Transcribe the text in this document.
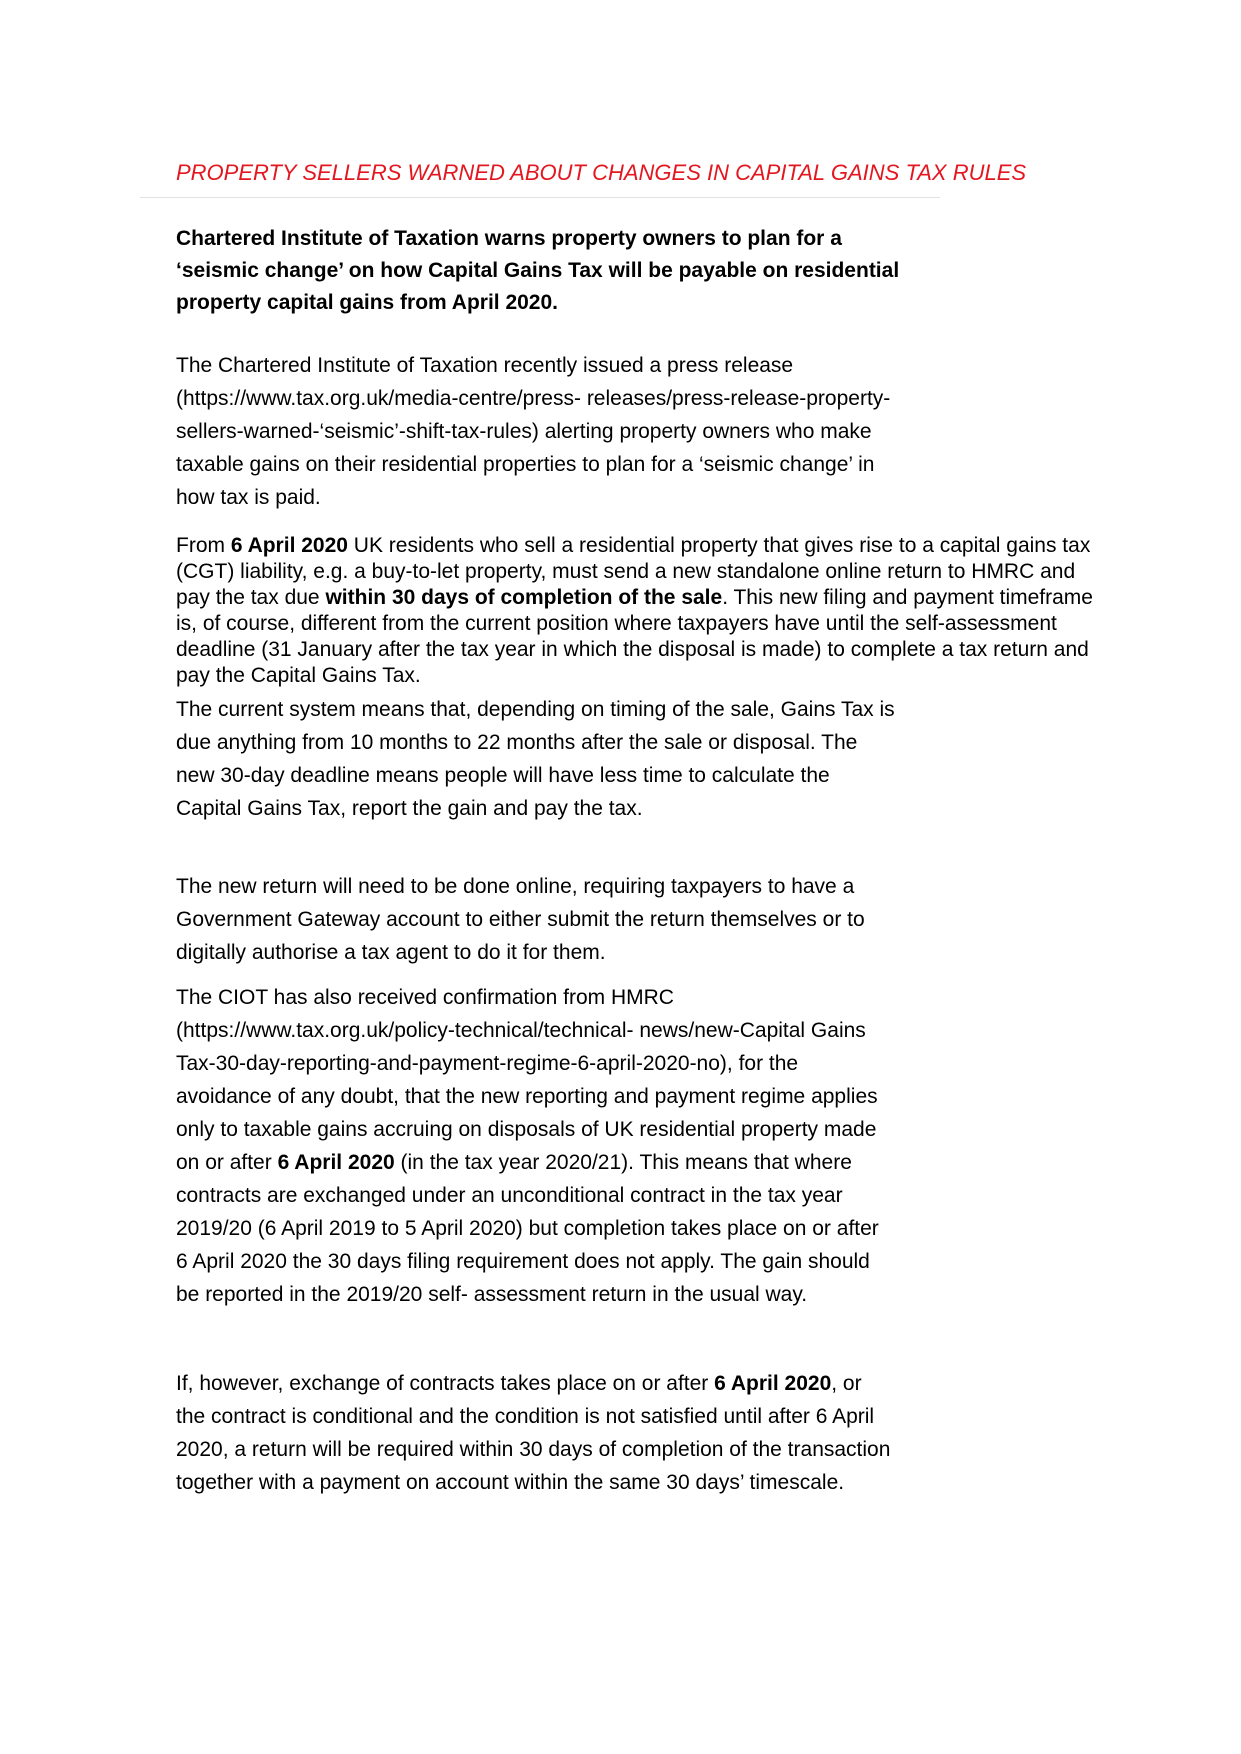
PROPERTY SELLERS WARNED ABOUT CHANGES IN CAPITAL GAINS TAX RULES

Chartered Institute of Taxation warns property owners to plan for a ‘seismic change’ on how Capital Gains Tax will be payable on residential property capital gains from April 2020.

The Chartered Institute of Taxation recently issued a press release (https://www.tax.org.uk/media-centre/press- releases/press-release-property-sellers-warned-‘seismic’-shift-tax-rules) alerting property owners who make taxable gains on their residential properties to plan for a ‘seismic change’ in how tax is paid.

From 6 April 2020 UK residents who sell a residential property that gives rise to a capital gains tax (CGT) liability, e.g. a buy-to-let property, must send a new standalone online return to HMRC and pay the tax due within 30 days of completion of the sale. This new filing and payment timeframe is, of course, different from the current position where taxpayers have until the self-assessment deadline (31 January after the tax year in which the disposal is made) to complete a tax return and pay the Capital Gains Tax.

The current system means that, depending on timing of the sale, Gains Tax is due anything from 10 months to 22 months after the sale or disposal. The new 30-day deadline means people will have less time to calculate the Capital Gains Tax, report the gain and pay the tax.

The new return will need to be done online, requiring taxpayers to have a Government Gateway account to either submit the return themselves or to digitally authorise a tax agent to do it for them.

The CIOT has also received confirmation from HMRC (https://www.tax.org.uk/policy-technical/technical- news/new-Capital Gains Tax-30-day-reporting-and-payment-regime-6-april-2020-no), for the avoidance of any doubt, that the new reporting and payment regime applies only to taxable gains accruing on disposals of UK residential property made on or after 6 April 2020 (in the tax year 2020/21). This means that where contracts are exchanged under an unconditional contract in the tax year 2019/20 (6 April 2019 to 5 April 2020) but completion takes place on or after 6 April 2020 the 30 days filing requirement does not apply. The gain should be reported in the 2019/20 self- assessment return in the usual way.

If, however, exchange of contracts takes place on or after 6 April 2020, or the contract is conditional and the condition is not satisfied until after 6 April 2020, a return will be required within 30 days of completion of the transaction together with a payment on account within the same 30 days’ timescale.
